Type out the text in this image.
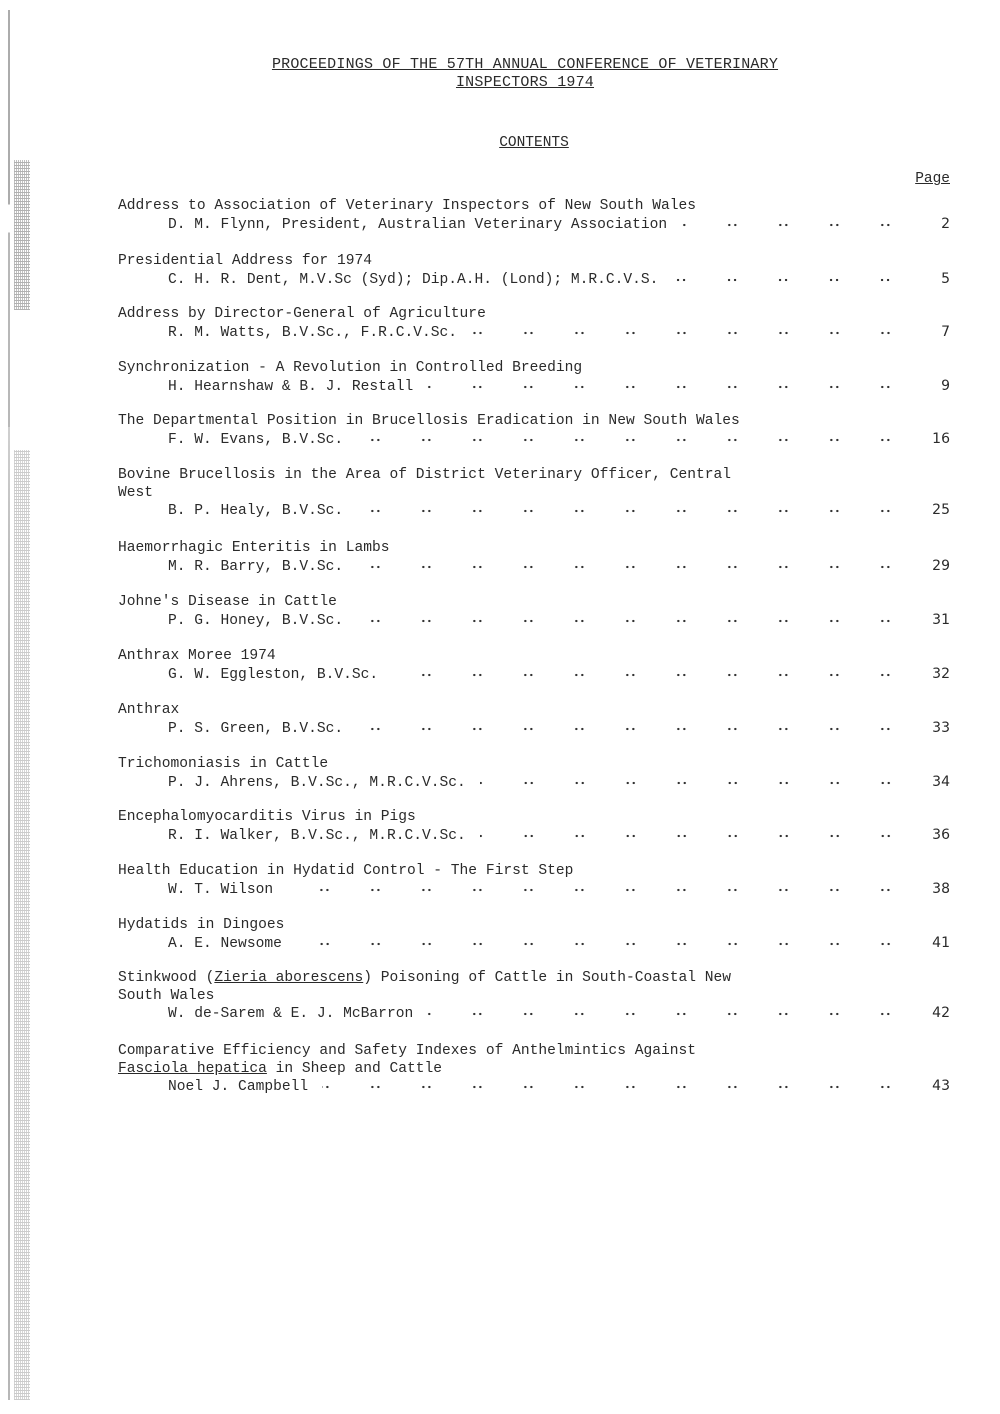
PROCEEDINGS OF THE 57TH ANNUAL CONFERENCE OF VETERINARY
INSPECTORS 1974
CONTENTS
Page
Address to Association of Veterinary Inspectors of New South Wales
D. M. Flynn, President, Australian Veterinary Association	2
Presidential Address for 1974
C. H. R. Dent, M.V.Sc (Syd); Dip.A.H. (Lond); M.R.C.V.S.	5
Address by Director-General of Agriculture
R. M. Watts, B.V.Sc., F.R.C.V.Sc.	7
Synchronization - A Revolution in Controlled Breeding
H. Hearnshaw & B. J. Restall	9
The Departmental Position in Brucellosis Eradication in New South Wales
F. W. Evans, B.V.Sc.	16
Bovine Brucellosis in the Area of District Veterinary Officer, Central
West
B. P. Healy, B.V.Sc.	25
Haemorrhagic Enteritis in Lambs
M. R. Barry, B.V.Sc.	29
Johne's Disease in Cattle
P. G. Honey, B.V.Sc.	31
Anthrax Moree 1974
G. W. Eggleston, B.V.Sc.	32
Anthrax
P. S. Green, B.V.Sc.	33
Trichomoniasis in Cattle
P. J. Ahrens, B.V.Sc., M.R.C.V.Sc.	34
Encephalomyocarditis Virus in Pigs
R. I. Walker, B.V.Sc., M.R.C.V.Sc.	36
Health Education in Hydatid Control - The First Step
W. T. Wilson	38
Hydatids in Dingoes
A. E. Newsome	41
Stinkwood (Zieria aborescens) Poisoning of Cattle in South-Coastal New
South Wales
W. de-Sarem & E. J. McBarron	42
Comparative Efficiency and Safety Indexes of Anthelmintics Against
Fasciola hepatica in Sheep and Cattle
Noel J. Campbell	43
